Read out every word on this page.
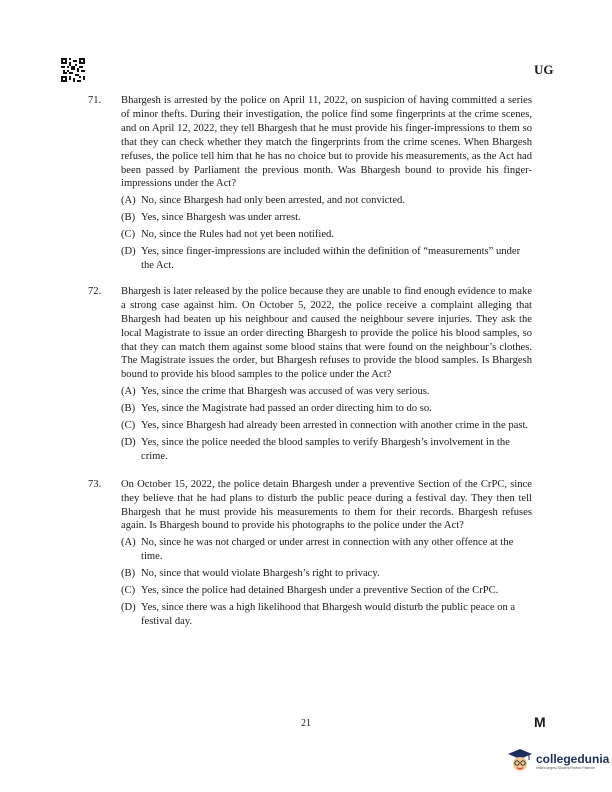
UG
71. Bhargesh is arrested by the police on April 11, 2022, on suspicion of having committed a series of minor thefts. During their investigation, the police find some fingerprints at the crime scenes, and on April 12, 2022, they tell Bhargesh that he must provide his finger-impressions to them so that they can check whether they match the fingerprints from the crime scenes. When Bhargesh refuses, the police tell him that he has no choice but to provide his measurements, as the Act had been passed by Parliament the previous month. Was Bhargesh bound to provide his finger-impressions under the Act?
(A) No, since Bhargesh had only been arrested, and not convicted.
(B) Yes, since Bhargesh was under arrest.
(C) No, since the Rules had not yet been notified.
(D) Yes, since finger-impressions are included within the definition of “measurements” under the Act.
72. Bhargesh is later released by the police because they are unable to find enough evidence to make a strong case against him. On October 5, 2022, the police receive a complaint alleging that Bhargesh had beaten up his neighbour and caused the neighbour severe injuries. They ask the local Magistrate to issue an order directing Bhargesh to provide the police his blood samples, so that they can match them against some blood stains that were found on the neighbour’s clothes. The Magistrate issues the order, but Bhargesh refuses to provide the blood samples. Is Bhargesh bound to provide his blood samples to the police under the Act?
(A) Yes, since the crime that Bhargesh was accused of was very serious.
(B) Yes, since the Magistrate had passed an order directing him to do so.
(C) Yes, since Bhargesh had already been arrested in connection with another crime in the past.
(D) Yes, since the police needed the blood samples to verify Bhargesh’s involvement in the crime.
73. On October 15, 2022, the police detain Bhargesh under a preventive Section of the CrPC, since they believe that he had plans to disturb the public peace during a festival day. They then tell Bhargesh that he must provide his measurements to them for their records. Bhargesh refuses again. Is Bhargesh bound to provide his photographs to the police under the Act?
(A) No, since he was not charged or under arrest in connection with any other offence at the time.
(B) No, since that would violate Bhargesh’s right to privacy.
(C) Yes, since the police had detained Bhargesh under a preventive Section of the CrPC.
(D) Yes, since there was a high likelihood that Bhargesh would disturb the public peace on a festival day.
21	M
collegedunia
India's largest Student Review Platform
